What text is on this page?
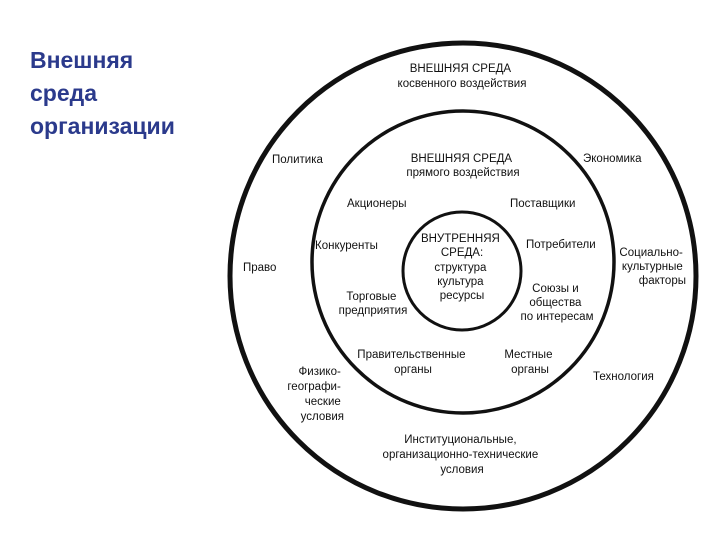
Внешняя
среда
организации
ВНЕШНЯЯ СРЕДА косвенного воздействия
Политика	Экономика
Право
Социально- культурные факторы
Физико- географи- ческие условия
Технология
Институциональные, организационно-технические условия
ВНЕШНЯЯ СРЕДА прямого воздействия
Акционеры	Поставщики
Конкуренты	Потребители
Торговые предприятия
Союзы и общества по интересам
Правительственные органы
Местные органы
ВНУТРЕННЯЯ СРЕДА:
структура культура ресурсы
